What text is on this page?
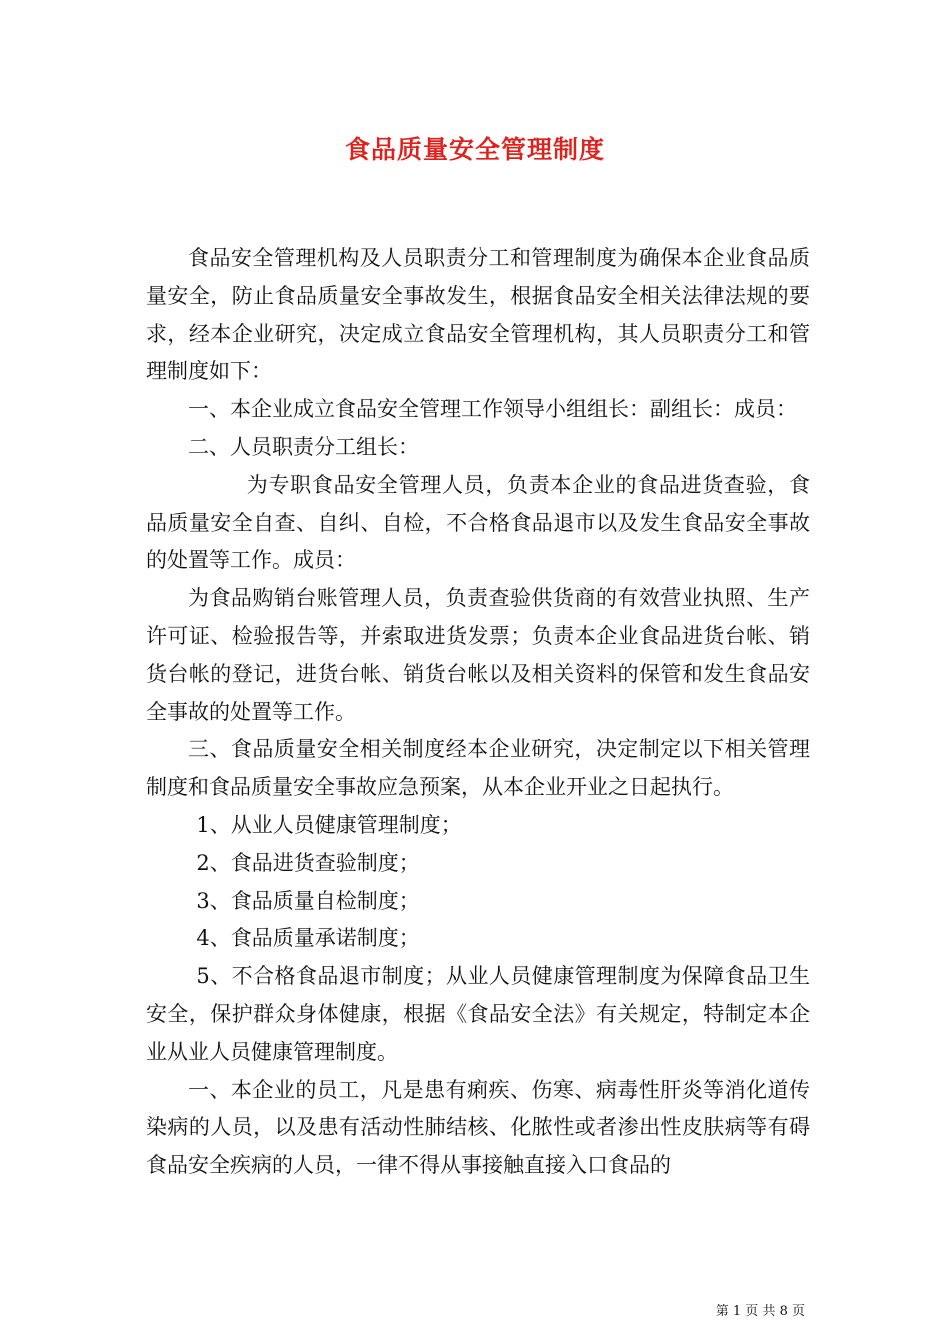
食品质量安全管理制度

食品安全管理机构及人员职责分工和管理制度为确保本企业食品质量安全，防止食品质量安全事故发生，根据食品安全相关法律法规的要求，经本企业研究，决定成立食品安全管理机构，其人员职责分工和管理制度如下：

一、本企业成立食品安全管理工作领导小组组长：副组长：成员：

二、人员职责分工组长：

为专职食品安全管理人员，负责本企业的食品进货查验，食品质量安全自查、自纠、自检，不合格食品退市以及发生食品安全事故的处置等工作。成员：

为食品购销台账管理人员，负责查验供货商的有效营业执照、生产许可证、检验报告等，并索取进货发票；负责本企业食品进货台帐、销货台帐的登记，进货台帐、销货台帐以及相关资料的保管和发生食品安全事故的处置等工作。

三、食品质量安全相关制度经本企业研究，决定制定以下相关管理制度和食品质量安全事故应急预案，从本企业开业之日起执行。

1、从业人员健康管理制度；

2、食品进货查验制度；

3、食品质量自检制度；

4、食品质量承诺制度；

5、不合格食品退市制度；从业人员健康管理制度为保障食品卫生安全，保护群众身体健康，根据《食品安全法》有关规定，特制定本企业从业人员健康管理制度。

一、本企业的员工，凡是患有痢疾、伤寒、病毒性肝炎等消化道传染病的人员，以及患有活动性肺结核、化脓性或者渗出性皮肤病等有碍食品安全疾病的人员，一律不得从事接触直接入口食品的

第 1 页 共 8 页
